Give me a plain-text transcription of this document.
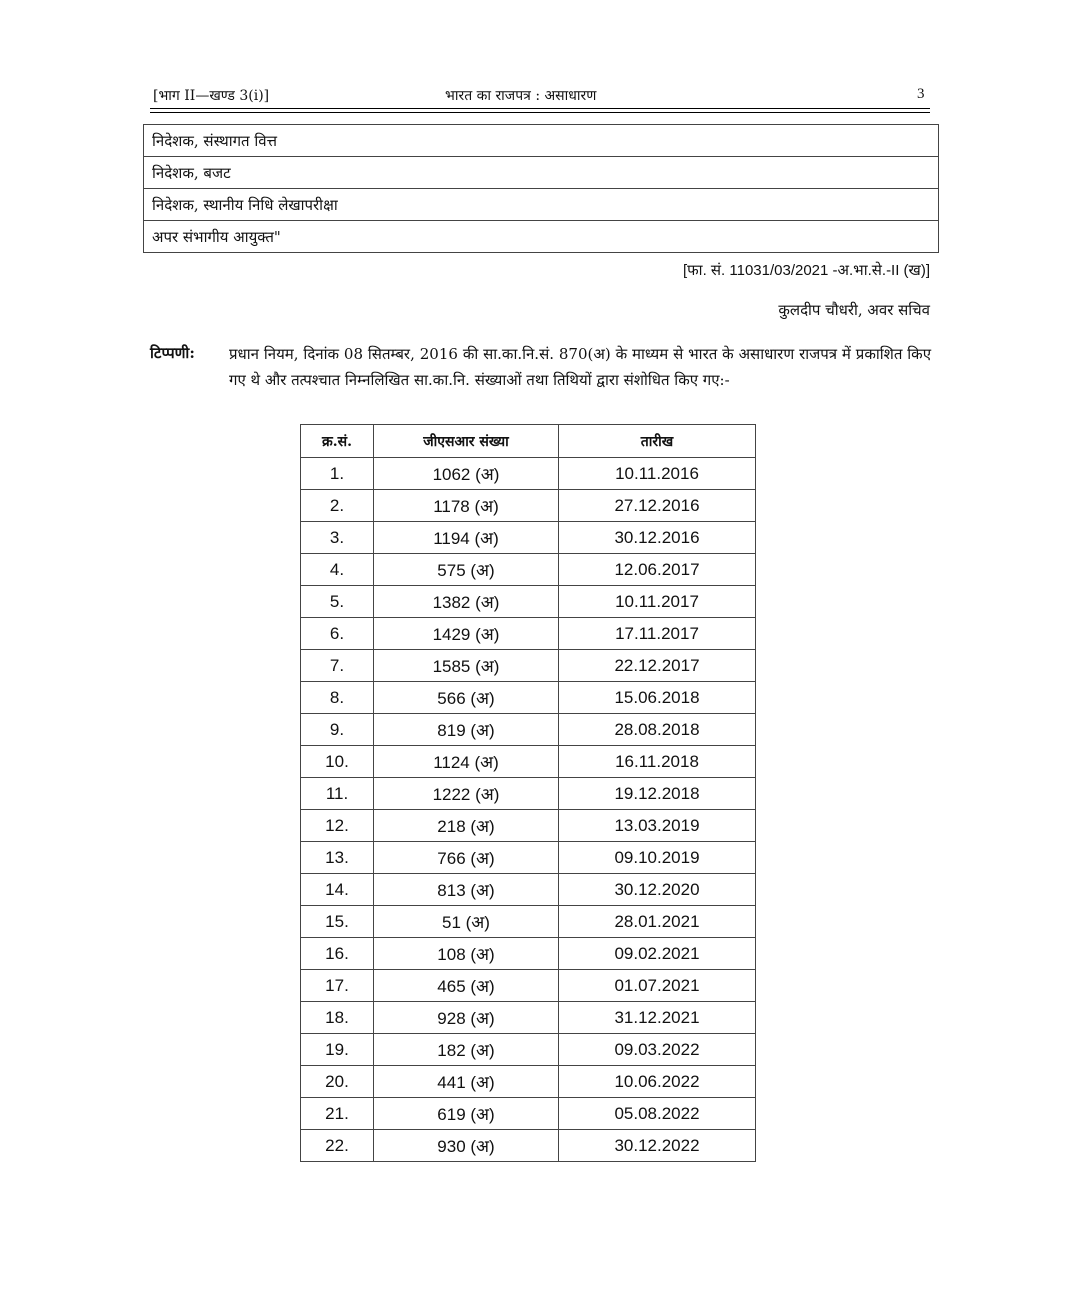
[भाग II—खण्ड 3(i)]	भारत का राजपत्र : असाधारण	3
निदेशक, संस्थागत वित्त
निदेशक, बजट
निदेशक, स्थानीय निधि लेखापरीक्षा
अपर संभागीय आयुक्त"
[फा. सं. 11031/03/2021 -अ.भा.से.-II (ख)]
कुलदीप चौधरी, अवर सचिव
टिप्पणी: प्रधान नियम, दिनांक 08 सितम्बर, 2016 की सा.का.नि.सं. 870(अ) के माध्यम से भारत के असाधारण राजपत्र में प्रकाशित किए गए थे और तत्पश्चात निम्नलिखित सा.का.नि. संख्याओं तथा तिथियों द्वारा संशोधित किए गए:-
क्र.सं.	जीएसआर संख्या	तारीख
1.	1062 (अ)	10.11.2016
2.	1178 (अ)	27.12.2016
3.	1194 (अ)	30.12.2016
4.	575 (अ)	12.06.2017
5.	1382 (अ)	10.11.2017
6.	1429 (अ)	17.11.2017
7.	1585 (अ)	22.12.2017
8.	566 (अ)	15.06.2018
9.	819 (अ)	28.08.2018
10.	1124 (अ)	16.11.2018
11.	1222 (अ)	19.12.2018
12.	218 (अ)	13.03.2019
13.	766 (अ)	09.10.2019
14.	813 (अ)	30.12.2020
15.	51 (अ)	28.01.2021
16.	108 (अ)	09.02.2021
17.	465 (अ)	01.07.2021
18.	928 (अ)	31.12.2021
19.	182 (अ)	09.03.2022
20.	441 (अ)	10.06.2022
21.	619 (अ)	05.08.2022
22.	930 (अ)	30.12.2022
